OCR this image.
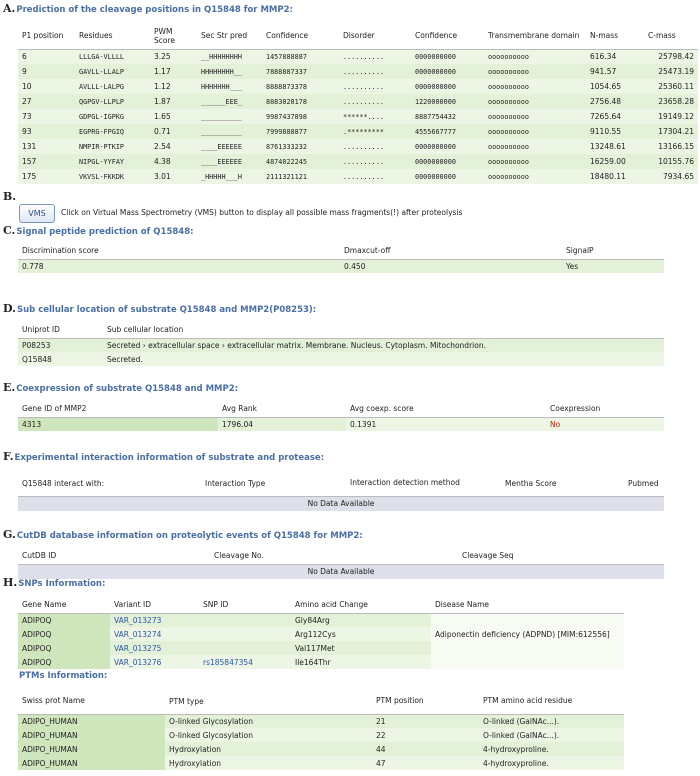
A. Prediction of the cleavage positions in Q15848 for MMP2:
P1 position	Residues	PWM Score	Sec Str pred	Confidence	Disorder	Confidence	Transmembrane domain	N-mass	C-mass
6	LLLGA-VLLLL	3.25	__HHHHHHHH	1457888887	..........	0000000000	oooooooooo	616.34	25798.42
9	GAVLL-LLALP	1.17	HHHHHHHH__	7888887337	..........	0000000000	oooooooooo	941.57	25473.19
10	AVLLL-LALPG	1.12	HHHHHHH___	8888873378	..........	0000000000	oooooooooo	1054.65	25360.11
27	QGPGV-LLPLP	1.87	______EEE_	8883020178	..........	1220000000	oooooooooo	2756.48	23658.28
73	GDPGL-IGPKG	1.65	__________	9987437898	******....	8887754432	oooooooooo	7265.64	19149.12
93	EGPRG-FPGIQ	0.71	__________	7999888877	.*********	4555667777	oooooooooo	9110.55	17304.21
131	NMPIR-PTKIP	2.54	____EEEEEE	8761333232	..........	0000000000	oooooooooo	13248.61	13166.15
157	NIPGL-YYFAY	4.38	____EEEEEE	4874022245	..........	0000000000	oooooooooo	16259.00	10155.76
175	VKVSL-FKKDK	3.01	_HHHHH___H	2111321121	..........	0000000000	oooooooooo	18480.11	7934.65
B.
VMS	Click on Virtual Mass Spectrometry (VMS) button to display all possible mass fragments(!) after proteolysis
C. Signal peptide prediction of Q15848:
Discrimination score	Dmaxcut-off	SignalP
0.778	0.450	Yes
D. Sub cellular location of substrate Q15848 and MMP2(P08253):
Uniprot ID	Sub cellular location
P08253	Secreted › extracellular space › extracellular matrix. Membrane. Nucleus. Cytoplasm. Mitochondrion.
Q15848	Secreted.
E. Coexpression of substrate Q15848 and MMP2:
Gene ID of MMP2	Avg Rank	Avg coexp. score	Coexpression
4313	1796.04	0.1391	No
F. Experimental interaction information of substrate and protease:
Q15848 interact with:	Interaction Type	Interaction detection method	Mentha Score	Pubmed
No Data Available
G. CutDB database information on proteolytic events of Q15848 for MMP2:
CutDB ID	Cleavage No.	Cleavage Seq
No Data Available
H. SNPs Information:
Gene Name	Variant ID	SNP ID	Amino acid Change	Disease Name
ADIPOQ	VAR_013273		Gly84Arg	
ADIPOQ	VAR_013274		Arg112Cys	Adiponectin deficiency (ADPND) [MIM:612556]
ADIPOQ	VAR_013275		Val117Met	
ADIPOQ	VAR_013276	rs185847354	Ile164Thr	
PTMs Information:
Swiss prot Name	PTM type	PTM position	PTM amino acid residue
ADIPO_HUMAN	O-linked Glycosylation	21	O-linked (GalNAc...).
ADIPO_HUMAN	O-linked Glycosylation	22	O-linked (GalNAc...).
ADIPO_HUMAN	Hydroxylation	44	4-hydroxyproline.
ADIPO_HUMAN	Hydroxylation	47	4-hydroxyproline.
